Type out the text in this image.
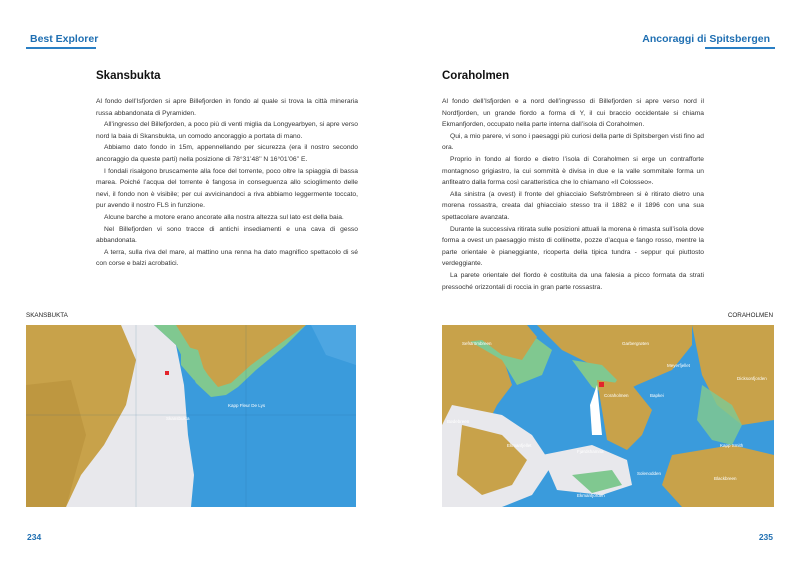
Best Explorer	Ancoraggi di Spitsbergen
Skansbukta	Coraholmen

Al fondo dell’Isfjorden si apre Billefjorden in fondo al quale si trova la città mineraria russa abbandonata di Pyramiden.

All’ingresso del Billefjorden, a poco più di venti miglia da Longyearbyen, si apre verso nord la baia di Skansbukta, un comodo ancoraggio a portata di mano.

Abbiamo dato fondo in 15m, appennellando per sicurezza (era il nostro secondo ancoraggio da queste parti) nella posizione di 78°31’48’’ N 16°01’06’’ E.

I fondali risalgono bruscamente alla foce del torrente, poco oltre la spiaggia di bassa marea. Poiché l’acqua del torrente è fangosa in conseguenza allo scioglimento delle nevi, il fondo non è visibile; per cui avvicinandoci a riva abbiamo leggermente toccato, pur avendo il nostro FLS in funzione.

Alcune barche a motore erano ancorate alla nostra altezza sul lato est della baia.

Nel Billefjorden vi sono tracce di antichi insediamenti e una cava di gesso abbandonata.

A terra, sulla riva del mare, al mattino una renna ha dato magnifico spettacolo di sé con corse e balzi acrobatici.

Al fondo dell’Isfjorden e a nord dell’ingresso di Billefjorden si apre verso nord il Nordfjorden, un grande fiordo a forma di Y, il cui braccio occidentale si chiama Ekmanfjorden, occupato nella parte interna dall’isola di Coraholmen.

Qui, a mio parere, vi sono i paesaggi più curiosi della parte di Spitsbergen visti fino ad ora.

Proprio in fondo al fiordo e dietro l’isola di Coraholmen si erge un contrafforte montagnoso grigiastro, la cui sommità è divisa in due e la valle sommitale forma un anfiteatro dalla forma così caratteristica che lo chiamano «Il Colosseo».

Alla sinistra (a ovest) il fronte del ghiacciaio Sefströmbreen si è ritirato dietro una morena rossastra, creata dal ghiacciaio stesso tra il 1882 e il 1896 con una sua spettacolare avanzata.

Durante la successiva ritirata sulle posizioni attuali la morena è rimasta sull’isola dove forma a ovest un paesaggio misto di collinette, pozze d’acqua e fango rosso, mentre la parte orientale è pianeggiante, ricoperta della tipica tundra - seppur qui piuttosto verdeggiante.

La parete orientale del fiordo è costituita da una falesia a picco formata da strati pressoché orizzontali di roccia in gran parte rossastra.

SKANSBUKTA	CORAHOLMEN
Skansbukta
Kapp Fleur De Lys
Sefströmbreen	Garbergrøten
Meyerfjellet
Coraholmen	Bapkei
Dicksonfjorden
Bødebreen
Ekmanfjellet	Kapp Smith
Fjørdshamna
Blackbreen
Ekmanfjorden
Solenodden
234	235
